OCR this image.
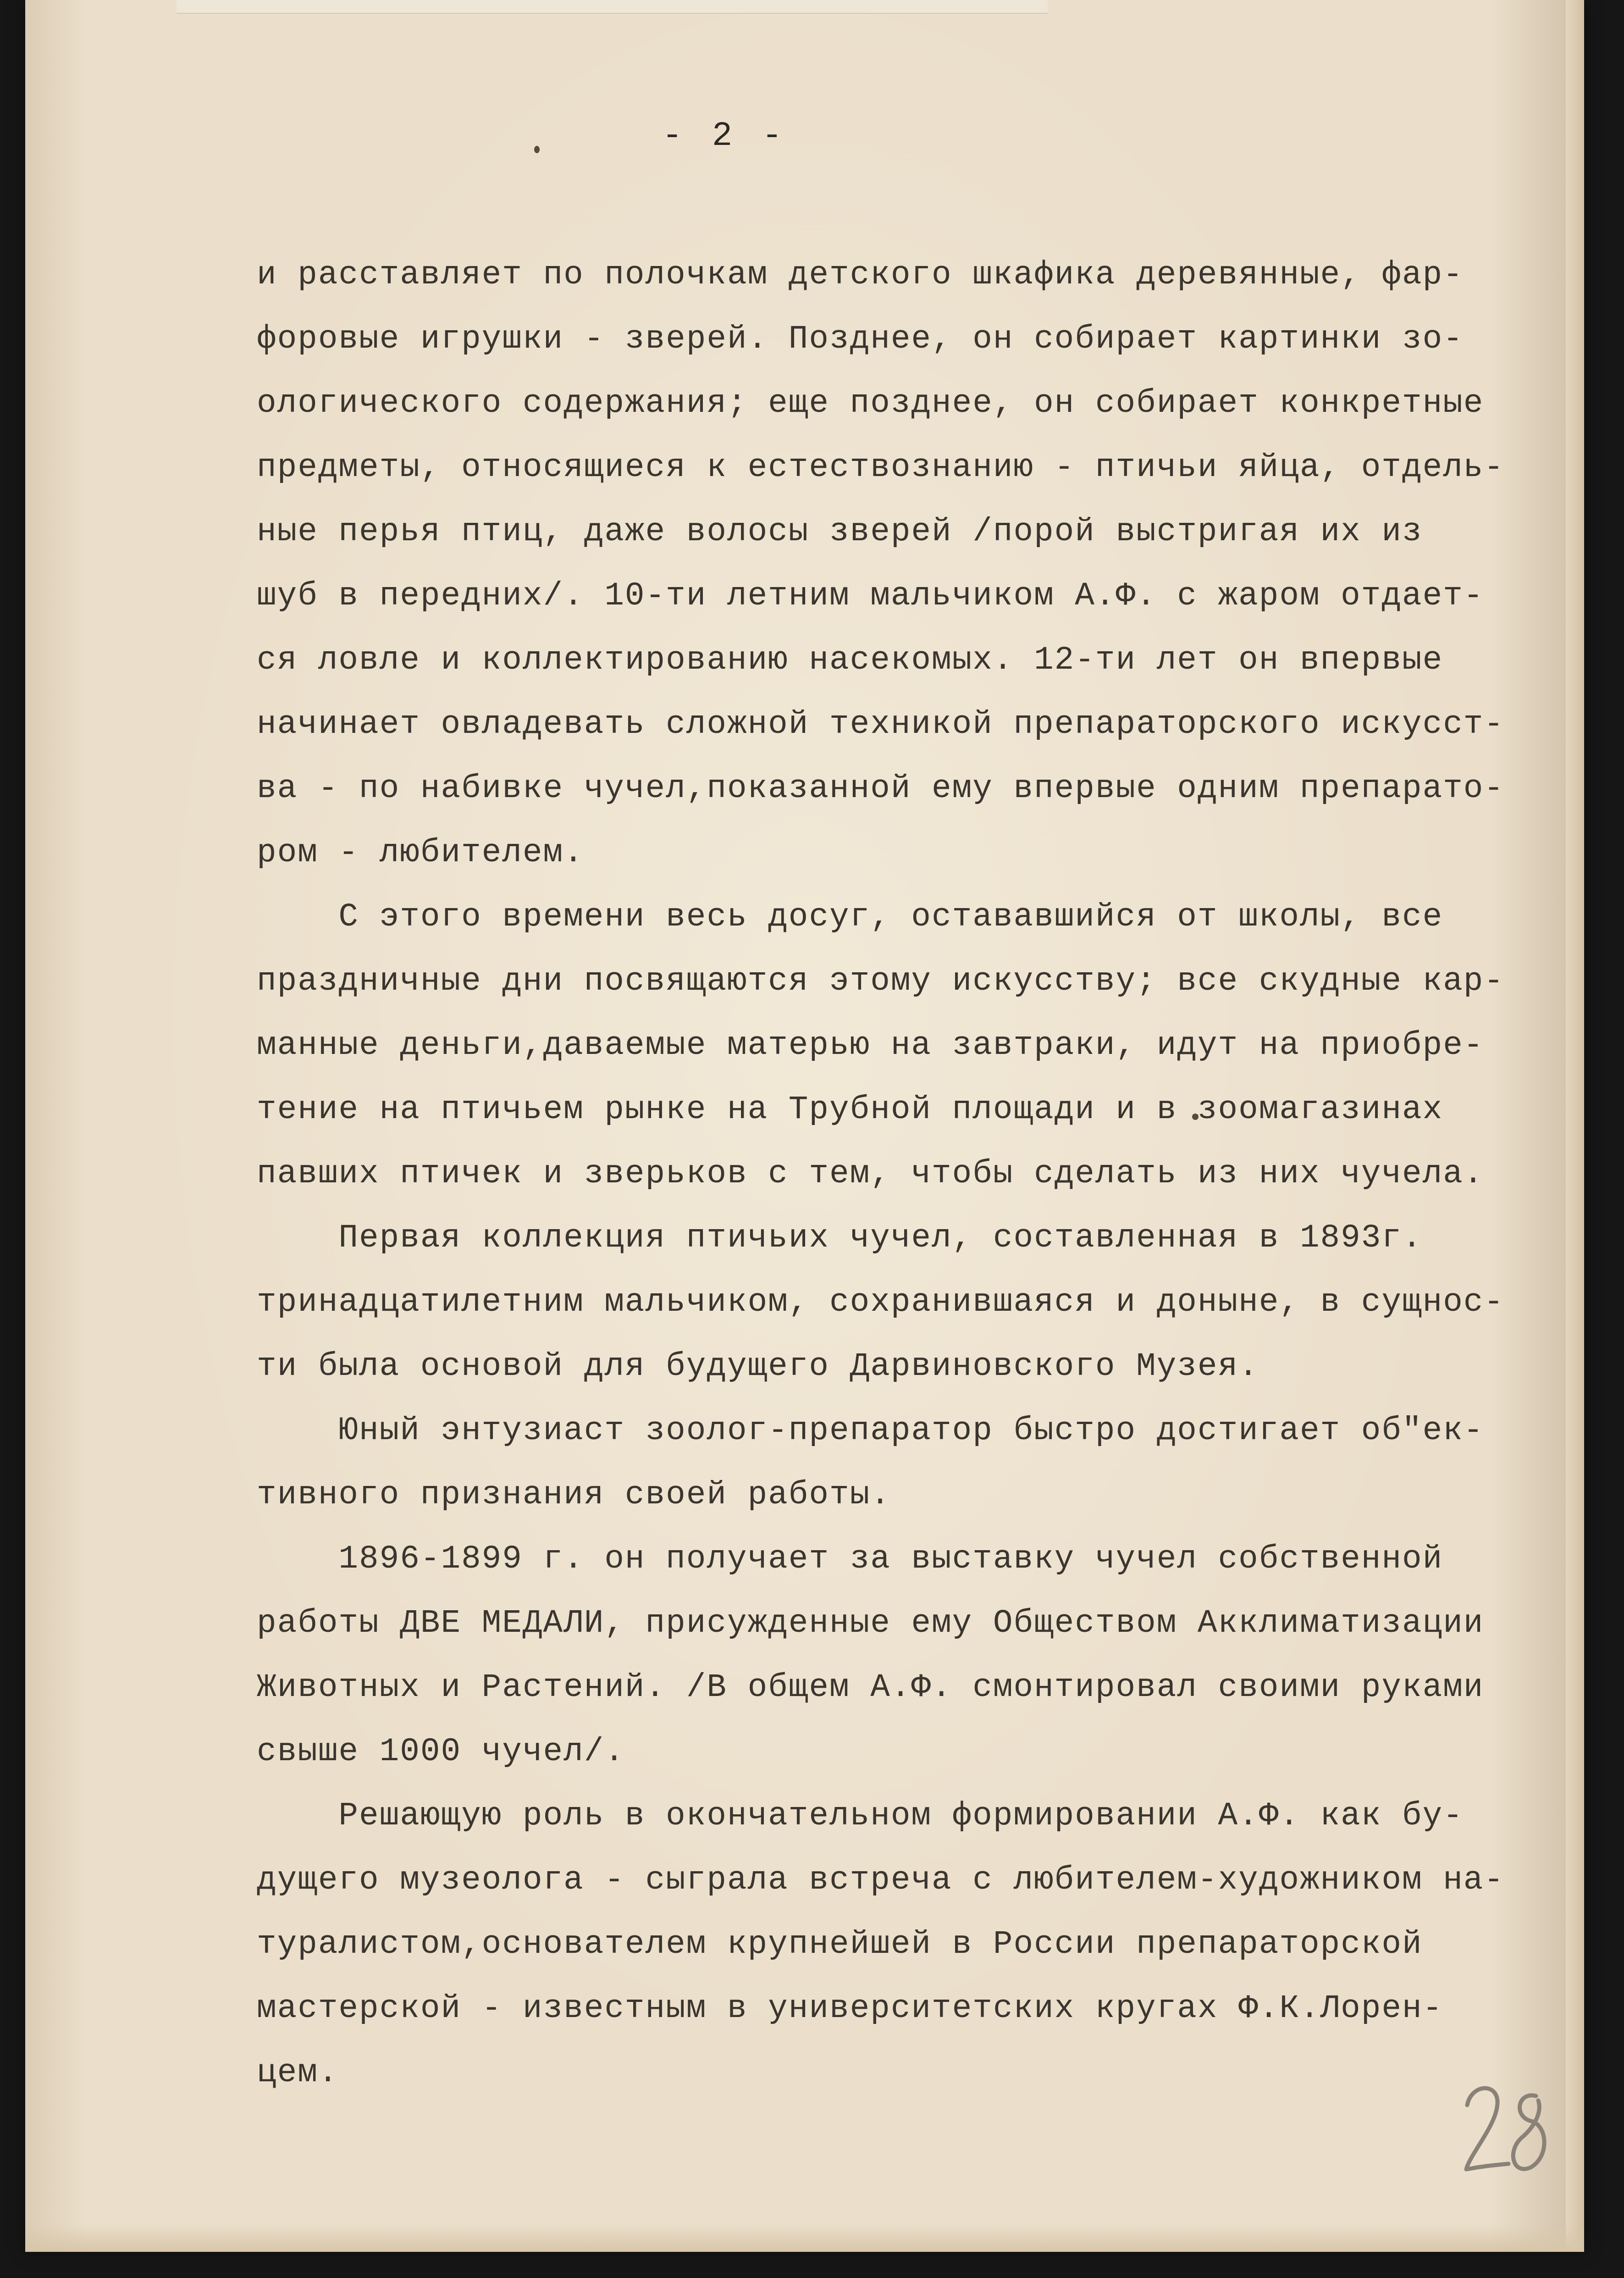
- 2 -
и расставляет по полочкам детского шкафика деревянные, фар-
форовые игрушки - зверей. Позднее, он собирает картинки зо-
ологического содержания; еще позднее, он собирает конкретные
предметы, относящиеся к естествознанию - птичьи яйца, отдель-
ные перья птиц, даже волосы зверей /порой выстригая их из
шуб в передних/. 10-ти летним мальчиком А.Ф. с жаром отдает-
ся ловле и коллектированию насекомых. 12-ти лет он впервые
начинает овладевать сложной техникой препараторского искусст-
ва - по набивке чучел,показанной ему впервые одним препарато-
ром - любителем.
С этого времени весь досуг, остававшийся от школы, все
праздничные дни посвящаются этому искусству; все скудные кар-
манные деньги,даваемые матерью на завтраки, идут на приобре-
тение на птичьем рынке на Трубной площади и в зоомагазинах
павших птичек и зверьков с тем, чтобы сделать из них чучела.
Первая коллекция птичьих чучел, составленная в 1893г.
тринадцатилетним мальчиком, сохранившаяся и доныне, в сущнос-
ти была основой для будущего Дарвиновского Музея.
Юный энтузиаст зоолог-препаратор быстро достигает об"ек-
тивного признания своей работы.
1896-1899 г. он получает за выставку чучел собственной
работы ДВЕ МЕДАЛИ, присужденные ему Обществом Акклиматизации
Животных и Растений. /В общем А.Ф. смонтировал своими руками
свыше 1000 чучел/.
Решающую роль в окончательном формировании А.Ф. как бу-
дущего музеолога - сыграла встреча с любителем-художником на-
туралистом,основателем крупнейшей в России препараторской
мастерской - известным в университетских кругах Ф.К.Лорен-
цем.
